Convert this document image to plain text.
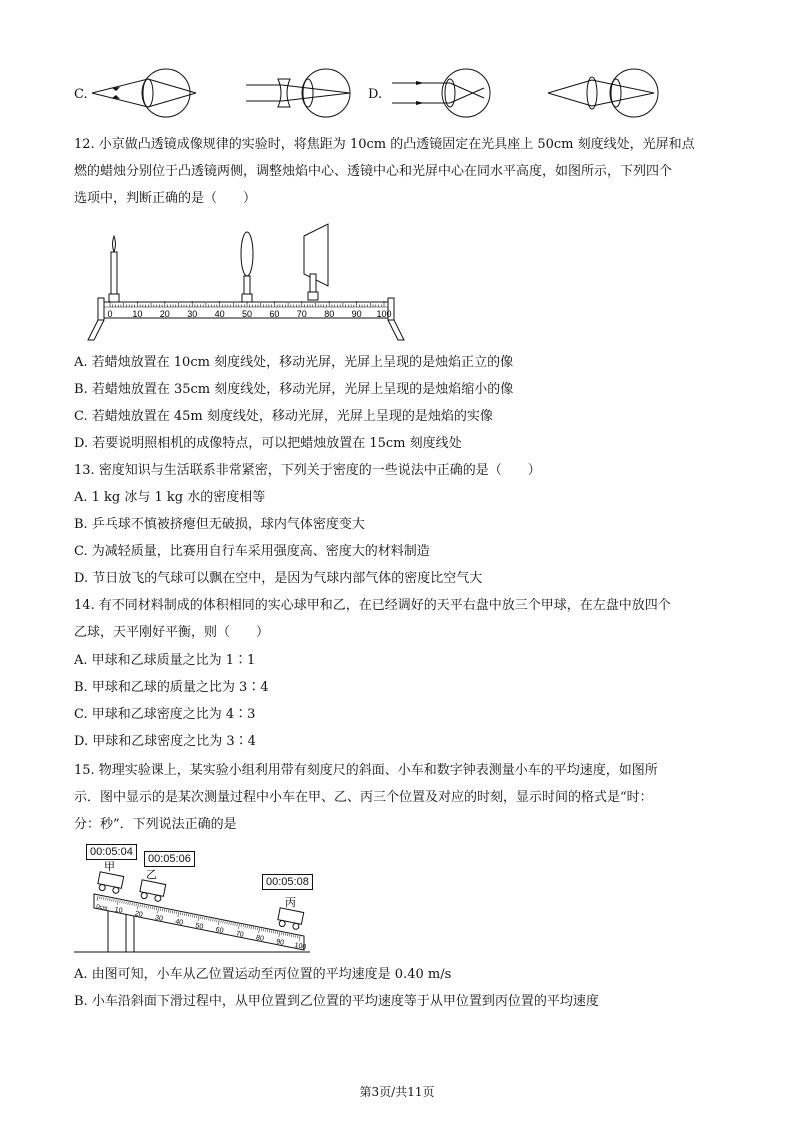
C.	D.
12. 小京做凸透镜成像规律的实验时，将焦距为 10cm 的凸透镜固定在光具座上 50cm 刻度线处，光屏和点
燃的蜡烛分别位于凸透镜两侧，调整烛焰中心、透镜中心和光屏中心在同水平高度，如图所示，下列四个
选项中，判断正确的是（　　）
0 10 20 30 40 50 60 70 80 90 100
A. 若蜡烛放置在 10cm 刻度线处，移动光屏，光屏上呈现的是烛焰正立的像
B. 若蜡烛放置在 35cm 刻度线处，移动光屏，光屏上呈现的是烛焰缩小的像
C. 若蜡烛放置在 45m 刻度线处，移动光屏，光屏上呈现的是烛焰的实像
D. 若要说明照相机的成像特点，可以把蜡烛放置在 15cm 刻度线处
13. 密度知识与生活联系非常紧密，下列关于密度的一些说法中正确的是（　　）
A. 1 kg 冰与 1 kg 水的密度相等
B. 乒乓球不慎被挤瘪但无破损，球内气体密度变大
C. 为减轻质量，比赛用自行车采用强度高、密度大的材料制造
D. 节日放飞的气球可以飘在空中，是因为气球内部气体的密度比空气大
14. 有不同材料制成的体积相同的实心球甲和乙，在已经调好的天平右盘中放三个甲球，在左盘中放四个
乙球，天平刚好平衡，则（　　）
A. 甲球和乙球质量之比为 1∶1
B. 甲球和乙球的质量之比为 3∶4
C. 甲球和乙球密度之比为 4∶3
D. 甲球和乙球密度之比为 3∶4
15. 物理实验课上，某实验小组利用带有刻度尺的斜面、小车和数字钟表测量小车的平均速度，如图所
示．图中显示的是某次测量过程中小车在甲、乙、丙三个位置及对应的时刻，显示时间的格式是“时：
分：秒”．下列说法正确的是
00:05:04
00:05:06
00:05:08
10 20 30 40 50 60 70 80 90 100
0cm
甲
乙
丙
A. 由图可知，小车从乙位置运动至丙位置的平均速度是 0.40 m/s
B. 小车沿斜面下滑过程中，从甲位置到乙位置的平均速度等于从甲位置到丙位置的平均速度
第3页/共11页
